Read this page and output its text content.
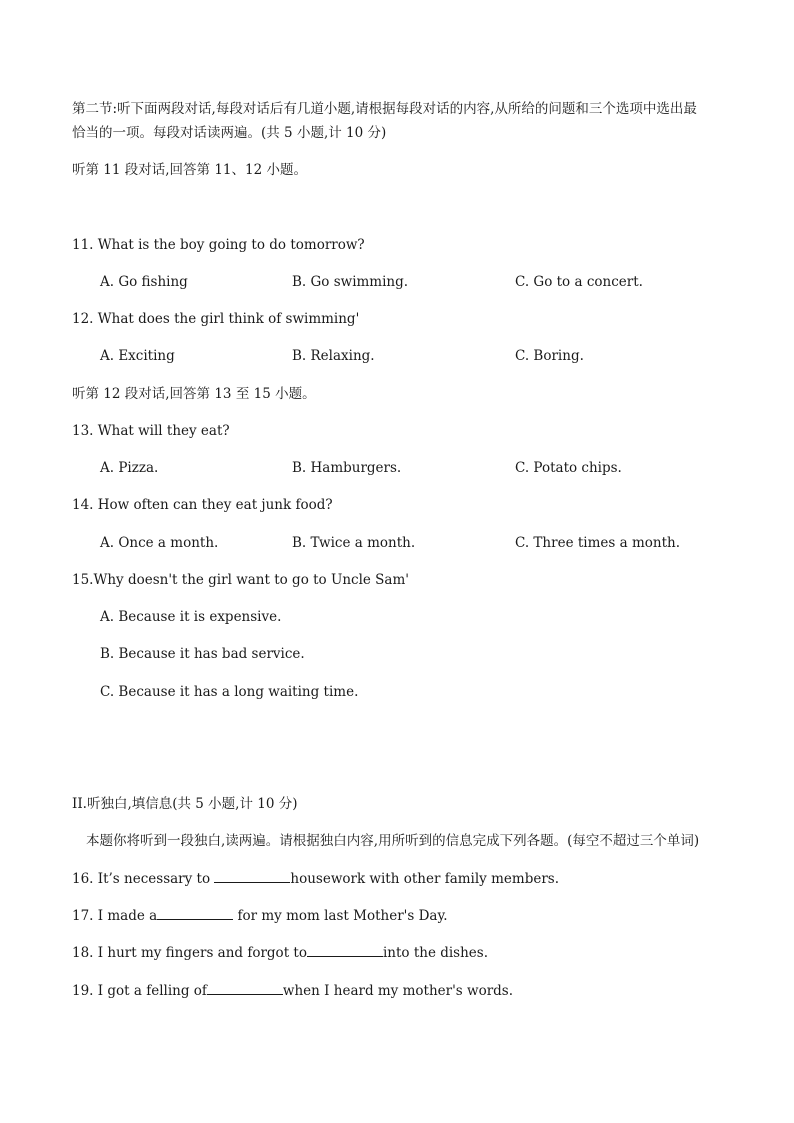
第二节:听下面两段对话,每段对话后有几道小题,请根据每段对话的内容,从所给的问题和三个选项中选出最
恰当的一项。每段对话读两遍。(共 5 小题,计 10 分)
听第 11 段对话,回答第 11、12 小题。
11. What is the boy going to do tomorrow?
A. Go fishing	B. Go swimming.	C. Go to a concert.
12. What does the girl think of swimming'
A. Exciting	B. Relaxing.	C. Boring.
听第 12 段对话,回答第 13 至 15 小题。
13. What will they eat?
A. Pizza.	B. Hamburgers.	C. Potato chips.
14. How often can they eat junk food?
A. Once a month.	B. Twice a month.	C. Three times a month.
15.Why doesn't the girl want to go to Uncle Sam'
A. Because it is expensive.
B. Because it has bad service.
C. Because it has a long waiting time.
II.听独白,填信息(共 5 小题,计 10 分)
本题你将听到一段独白,读两遍。请根据独白内容,用所听到的信息完成下列各题。(每空不超过三个单词)
16. It’s necessary to	housework with other family members.
17. I made a	for my mom last Mother's Day.
18. I hurt my fingers and forgot to	into the dishes.
19. I got a felling of	when I heard my mother's words.
